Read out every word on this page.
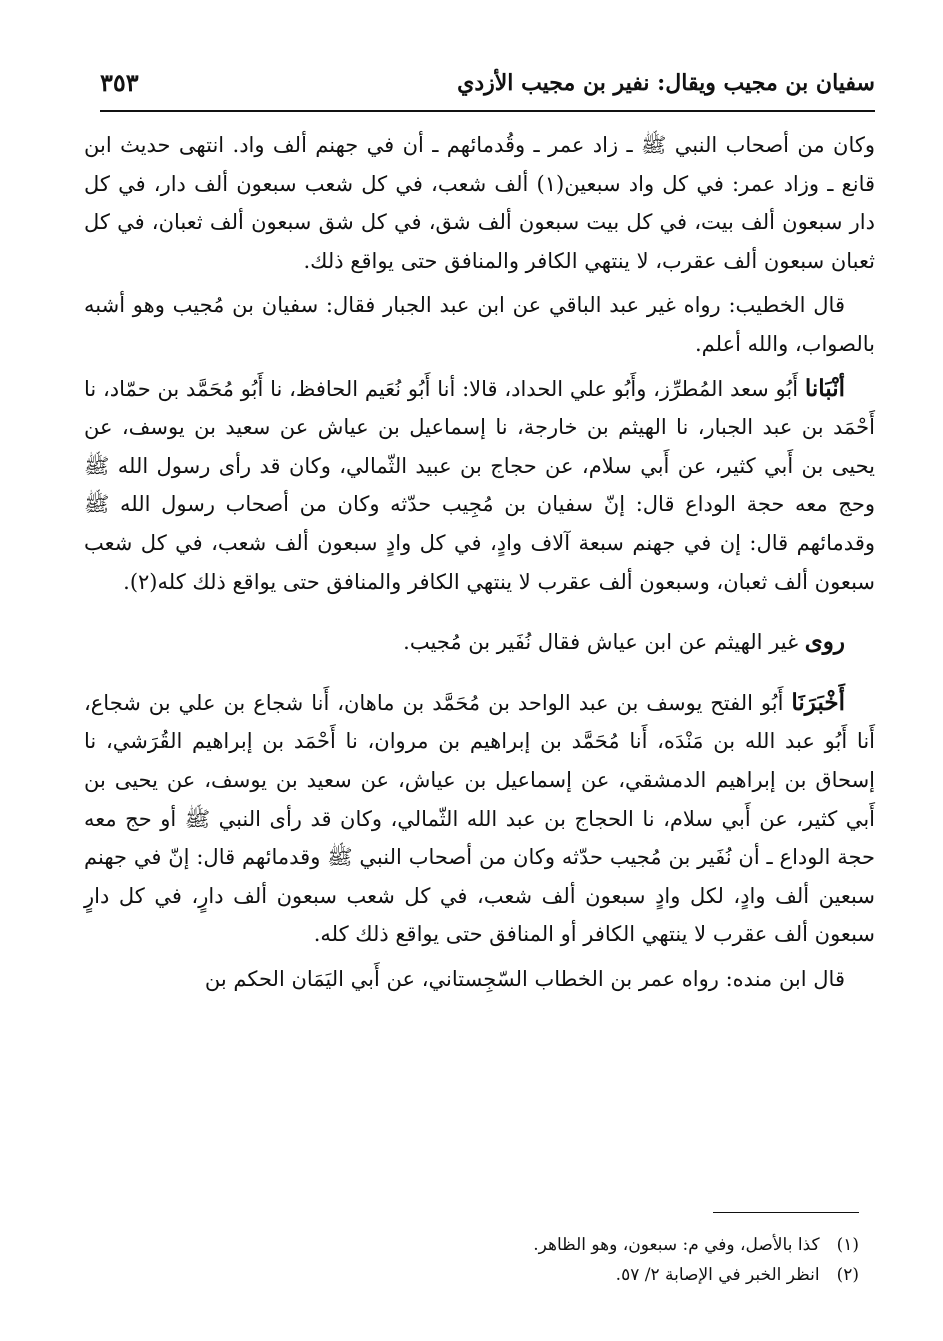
سفيان بن مجيب ويقال: نفير بن مجيب الأزدي
٣٥٣

وكان من أصحاب النبي ﷺ ـ زاد عمر ـ وقُدمائهم ـ أن في جهنم ألف واد. انتهى حديث ابن قانع ـ وزاد عمر: في كل واد سبعين(١) ألف شعب، في كل شعب سبعون ألف دار، في كل دار سبعون ألف بيت، في كل بيت سبعون ألف شق، في كل شق سبعون ألف ثعبان، في كل ثعبان سبعون ألف عقرب، لا ينتهي الكافر والمنافق حتى يواقع ذلك.

قال الخطيب: رواه غير عبد الباقي عن ابن عبد الجبار فقال: سفيان بن مُجيب وهو أشبه بالصواب، والله أعلم.

أنْبَانا أَبُو سعد المُطرِّز، وأَبُو علي الحداد، قالا: أنا أَبُو نُعَيم الحافظ، نا أَبُو مُحَمَّد بن حمّاد، نا أَحْمَد بن عبد الجبار، نا الهيثم بن خارجة، نا إسماعيل بن عياش عن سعيد بن يوسف، عن يحيى بن أَبي كثير، عن أَبي سلام، عن حجاج بن عبيد الثّمالي، وكان قد رأى رسول الله ﷺ وحج معه حجة الوداع قال: إنّ سفيان بن مُجِيب حدّثه وكان من أصحاب رسول الله ﷺ وقدمائهم قال: إن في جهنم سبعة آلاف وادٍ، في كل وادٍ سبعون ألف شعب، في كل شعب سبعون ألف ثعبان، وسبعون ألف عقرب لا ينتهي الكافر والمنافق حتى يواقع ذلك كله(٢).

روى غير الهيثم عن ابن عياش فقال نُفَير بن مُجيب.

أَخْبَرَنَا أَبُو الفتح يوسف بن عبد الواحد بن مُحَمَّد بن ماهان، أَنا شجاع بن علي بن شجاع، أَنا أَبُو عبد الله بن مَنْدَه، أَنا مُحَمَّد بن إبراهيم بن مروان، نا أَحْمَد بن إبراهيم القُرَشي، نا إسحاق بن إبراهيم الدمشقي، عن إسماعيل بن عياش، عن سعيد بن يوسف، عن يحيى بن أَبي كثير، عن أَبي سلام، نا الحجاج بن عبد الله الثّمالي، وكان قد رأى النبي ﷺ أو حج معه حجة الوداع ـ أن نُفَير بن مُجيب حدّثه وكان من أصحاب النبي ﷺ وقدمائهم قال: إنّ في جهنم سبعين ألف وادٍ، لكل وادٍ سبعون ألف شعب، في كل شعب سبعون ألف دارٍ، في كل دارٍ سبعون ألف عقرب لا ينتهي الكافر أو المنافق حتى يواقع ذلك كله.

قال ابن منده: رواه عمر بن الخطاب السّجِستاني، عن أَبي اليَمَان الحكم بن

(١) كذا بالأصل، وفي م: سبعون، وهو الظاهر.
(٢) انظر الخبر في الإصابة ٢/ ٥٧.
